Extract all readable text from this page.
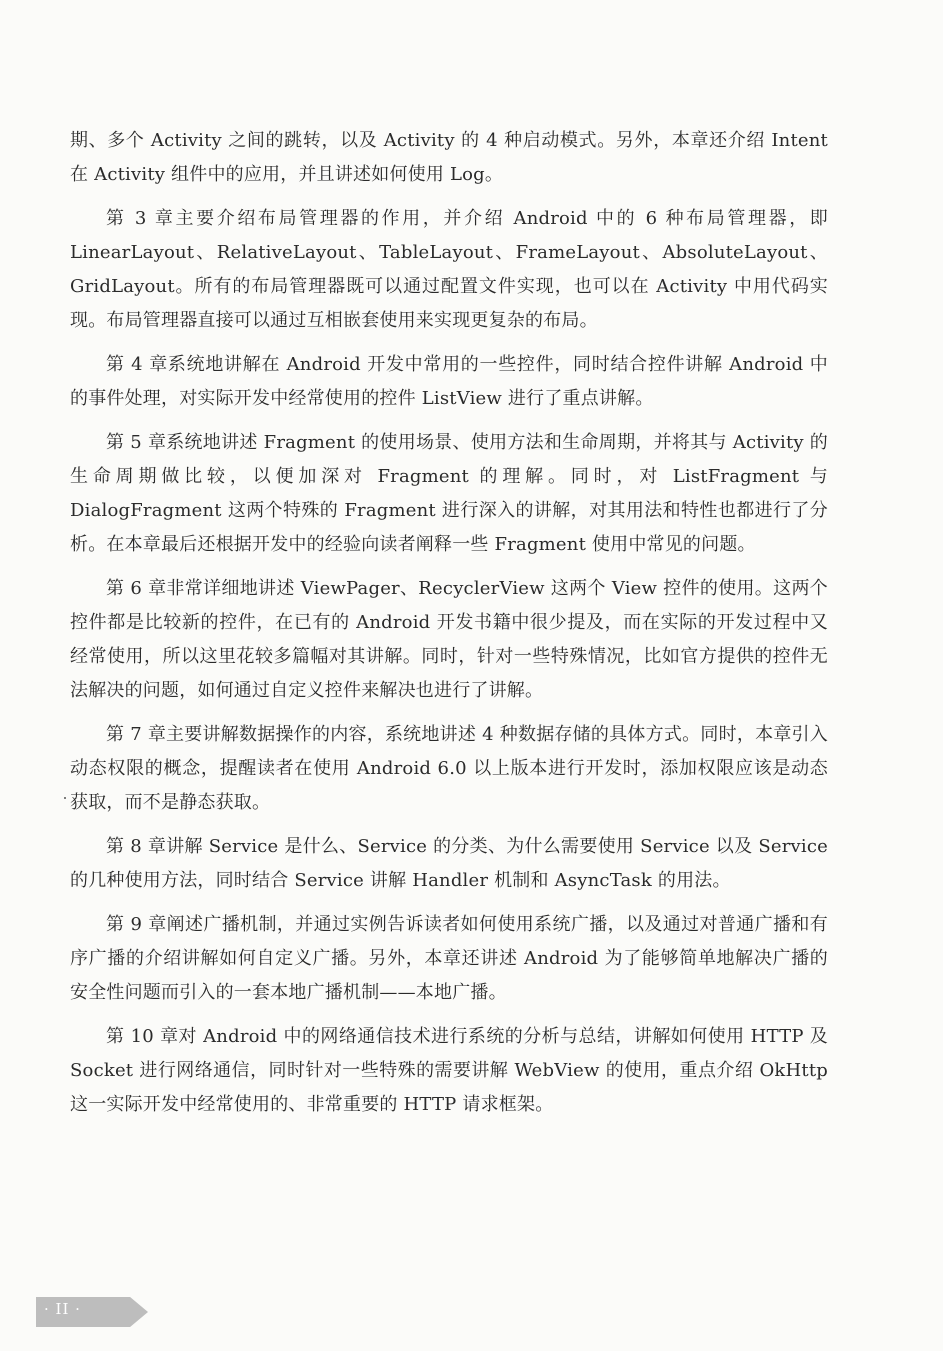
期、多个 Activity 之间的跳转，以及 Activity 的 4 种启动模式。另外，本章还介绍 Intent 在 Activity 组件中的应用，并且讲述如何使用 Log。

第 3 章主要介绍布局管理器的作用，并介绍 Android 中的 6 种布局管理器，即 LinearLayout、RelativeLayout、TableLayout、FrameLayout、AbsoluteLayout、GridLayout。所有的布局管理器既可以通过配置文件实现，也可以在 Activity 中用代码实现。布局管理器直接可以通过互相嵌套使用来实现更复杂的布局。

第 4 章系统地讲解在 Android 开发中常用的一些控件，同时结合控件讲解 Android 中的事件处理，对实际开发中经常使用的控件 ListView 进行了重点讲解。

第 5 章系统地讲述 Fragment 的使用场景、使用方法和生命周期，并将其与 Activity 的生命周期做比较，以便加深对 Fragment 的理解。同时，对 ListFragment 与 DialogFragment 这两个特殊的 Fragment 进行深入的讲解，对其用法和特性也都进行了分析。在本章最后还根据开发中的经验向读者阐释一些 Fragment 使用中常见的问题。

第 6 章非常详细地讲述 ViewPager、RecyclerView 这两个 View 控件的使用。这两个控件都是比较新的控件，在已有的 Android 开发书籍中很少提及，而在实际的开发过程中又经常使用，所以这里花较多篇幅对其讲解。同时，针对一些特殊情况，比如官方提供的控件无法解决的问题，如何通过自定义控件来解决也进行了讲解。

第 7 章主要讲解数据操作的内容，系统地讲述 4 种数据存储的具体方式。同时，本章引入动态权限的概念，提醒读者在使用 Android 6.0 以上版本进行开发时，添加权限应该是动态获取，而不是静态获取。

第 8 章讲解 Service 是什么、Service 的分类、为什么需要使用 Service 以及 Service 的几种使用方法，同时结合 Service 讲解 Handler 机制和 AsyncTask 的用法。

第 9 章阐述广播机制，并通过实例告诉读者如何使用系统广播，以及通过对普通广播和有序广播的介绍讲解如何自定义广播。另外，本章还讲述 Android 为了能够简单地解决广播的安全性问题而引入的一套本地广播机制——本地广播。

第 10 章对 Android 中的网络通信技术进行系统的分析与总结，讲解如何使用 HTTP 及 Socket 进行网络通信，同时针对一些特殊的需要讲解 WebView 的使用，重点介绍 OkHttp 这一实际开发中经常使用的、非常重要的 HTTP 请求框架。

· II ·
